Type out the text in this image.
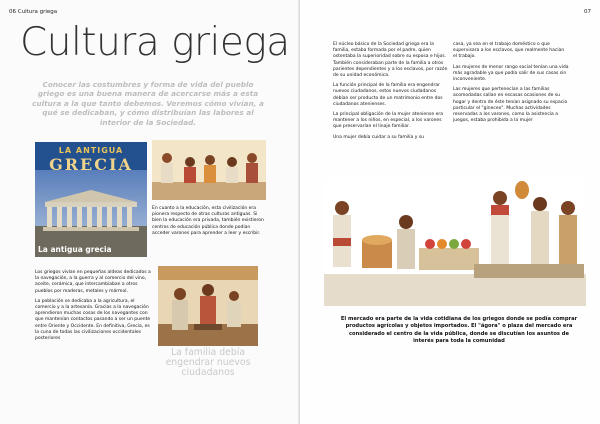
06 Cultura griega
Cultura griega
Conocer las costumbres y forma de vida del pueblo griego es una buena manera de acercarse más a esta cultura a la que tanto debemos. Veremos cómo vivían, a qué se dedicaban, y cómo distribuían las labores al interior de la Sociedad.
LA ANTIGUA
GRECIA
La antigua grecia
En cuanto a la educación, esta civilización era pionera respecto de otras culturas antiguas. Si bien la educación era privada, también existieron centros de educación pública donde podían acceder varones para aprender a leer y escribir.

Los griegos vivían en pequeñas aldeas dedicados a la navegación, a la guerra y al comercio del vino, aceite, cerámica, que intercambiaban a otros pueblos por maderas, metales y mármol.

La población se dedicaba a la agricultura, el comercio y a la artesanía. Gracias a la navegación aprendieron muchas cosas de los navegantes con que mantenían contactos pasando a ser un puente entre Oriente y Occidente. En definitiva, Grecia, es la cuna de todas las civilizaciones occidentales posteriores

La familia debía engendrar nuevos ciudadanos
07

El núcleo básico de la Sociedad griega era la familia, estaba formada por el padre, quien ostentaba la superioridad sobre su esposa e hijos. También consideraban parte de la familia a otros parientes dependientes y a los esclavos, por razón de su unidad económica.

La función principal de la familia era engendrar nuevos ciudadanos, estos nuevos ciudadanos debían ser producto de un matrimonio entre dos ciudadanos atenienses.

La principal obligación de la mujer ateniense era mantener a los niños, en especial, a los varones que preservarían el linaje familiar.

Una mujer debía cuidar a su familia y su

casa, ya sea en el trabajo doméstico o que supervisara a los esclavos, que realmente hacían el trabajo.

Las mujeres de menor rango social tenían una vida más agradable ya que podía salir de sus casas sin inconveniente.

Las mujeres que pertenecían a las familias acomodadas salían en escasas ocasiones de su hogar y dentro de éste tenían asignado su espacio particular el "gineceo". Muchas actividades reservadas a los varones, como la asistencia a juegos, estaba prohibida a la mujer

El mercado era parte de la vida cotidiana de los griegos donde se podía comprar productos agrícolas y objetos importados. El "ágora" o plaza del mercado era considerado el centro de la vida pública, donde se discutían los asuntos de interés para toda la comunidad
